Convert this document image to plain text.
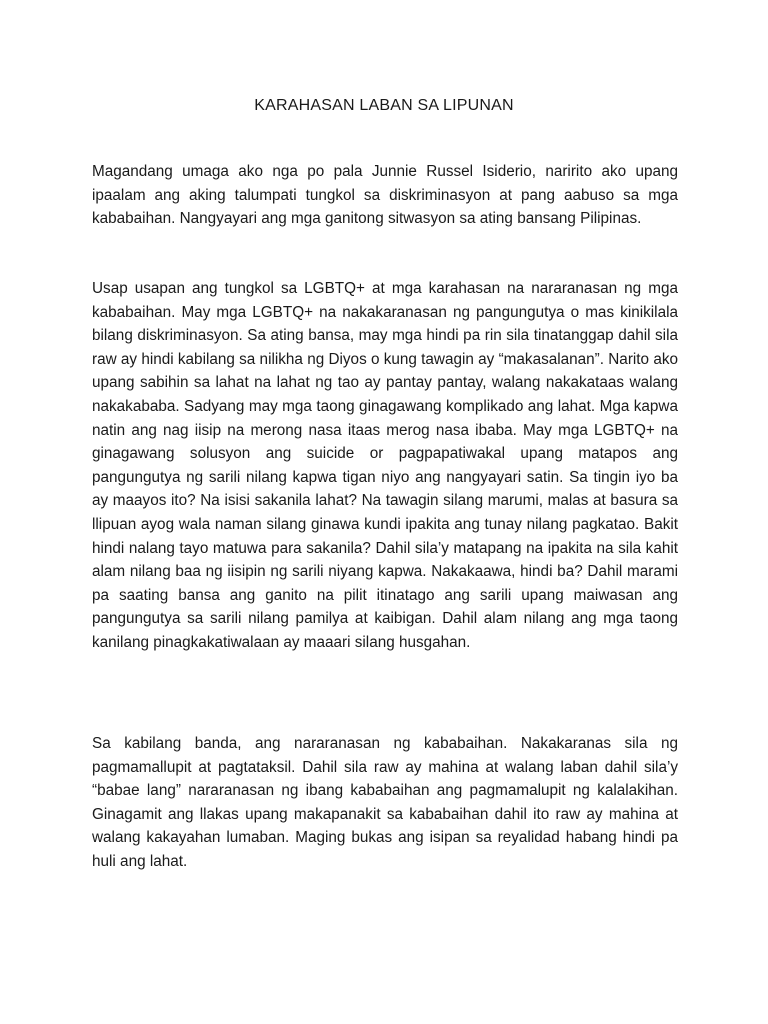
KARAHASAN LABAN SA LIPUNAN

Magandang umaga ako nga po pala Junnie Russel Isiderio, naririto ako upang ipaalam ang aking talumpati tungkol sa diskriminasyon at pang aabuso sa mga kababaihan. Nangyayari ang mga ganitong sitwasyon sa ating bansang Pilipinas.

Usap usapan ang tungkol sa LGBTQ+ at mga karahasan na nararanasan ng mga kababaihan. May mga LGBTQ+ na nakakaranasan ng pangungutya o mas kinikilala bilang diskriminasyon. Sa ating bansa, may mga hindi pa rin sila tinatanggap dahil sila raw ay hindi kabilang sa nilikha ng Diyos o kung tawagin ay “makasalanan”. Narito ako upang sabihin sa lahat na lahat ng tao ay pantay pantay, walang nakakataas walang nakakababa. Sadyang may mga taong ginagawang komplikado ang lahat. Mga kapwa natin ang nag iisip na merong nasa itaas merog nasa ibaba. May mga LGBTQ+ na ginagawang solusyon ang suicide or pagpapatiwakal upang matapos ang pangungutya ng sarili nilang kapwa tigan niyo ang nangyayari satin. Sa tingin iyo ba ay maayos ito? Na isisi sakanila lahat? Na tawagin silang marumi, malas at basura sa llipuan ayog wala naman silang ginawa kundi ipakita ang tunay nilang pagkatao. Bakit hindi nalang tayo matuwa para sakanila? Dahil sila’y matapang na ipakita na sila kahit alam nilang baa ng iisipin ng sarili niyang kapwa. Nakakaawa, hindi ba? Dahil marami pa saating bansa ang ganito na pilit itinatago ang sarili upang maiwasan ang pangungutya sa sarili nilang pamilya at kaibigan. Dahil alam nilang ang mga taong kanilang pinagkakatiwalaan ay maaari silang husgahan.

Sa kabilang banda, ang nararanasan ng kababaihan. Nakakaranas sila ng pagmamallupit at pagtataksil. Dahil sila raw ay mahina at walang laban dahil sila’y “babae lang” nararanasan ng ibang kababaihan ang pagmamalupit ng kalalakihan. Ginagamit ang llakas upang makapanakit sa kababaihan dahil ito raw ay mahina at walang kakayahan lumaban. Maging bukas ang isipan sa reyalidad habang hindi pa huli ang lahat.
